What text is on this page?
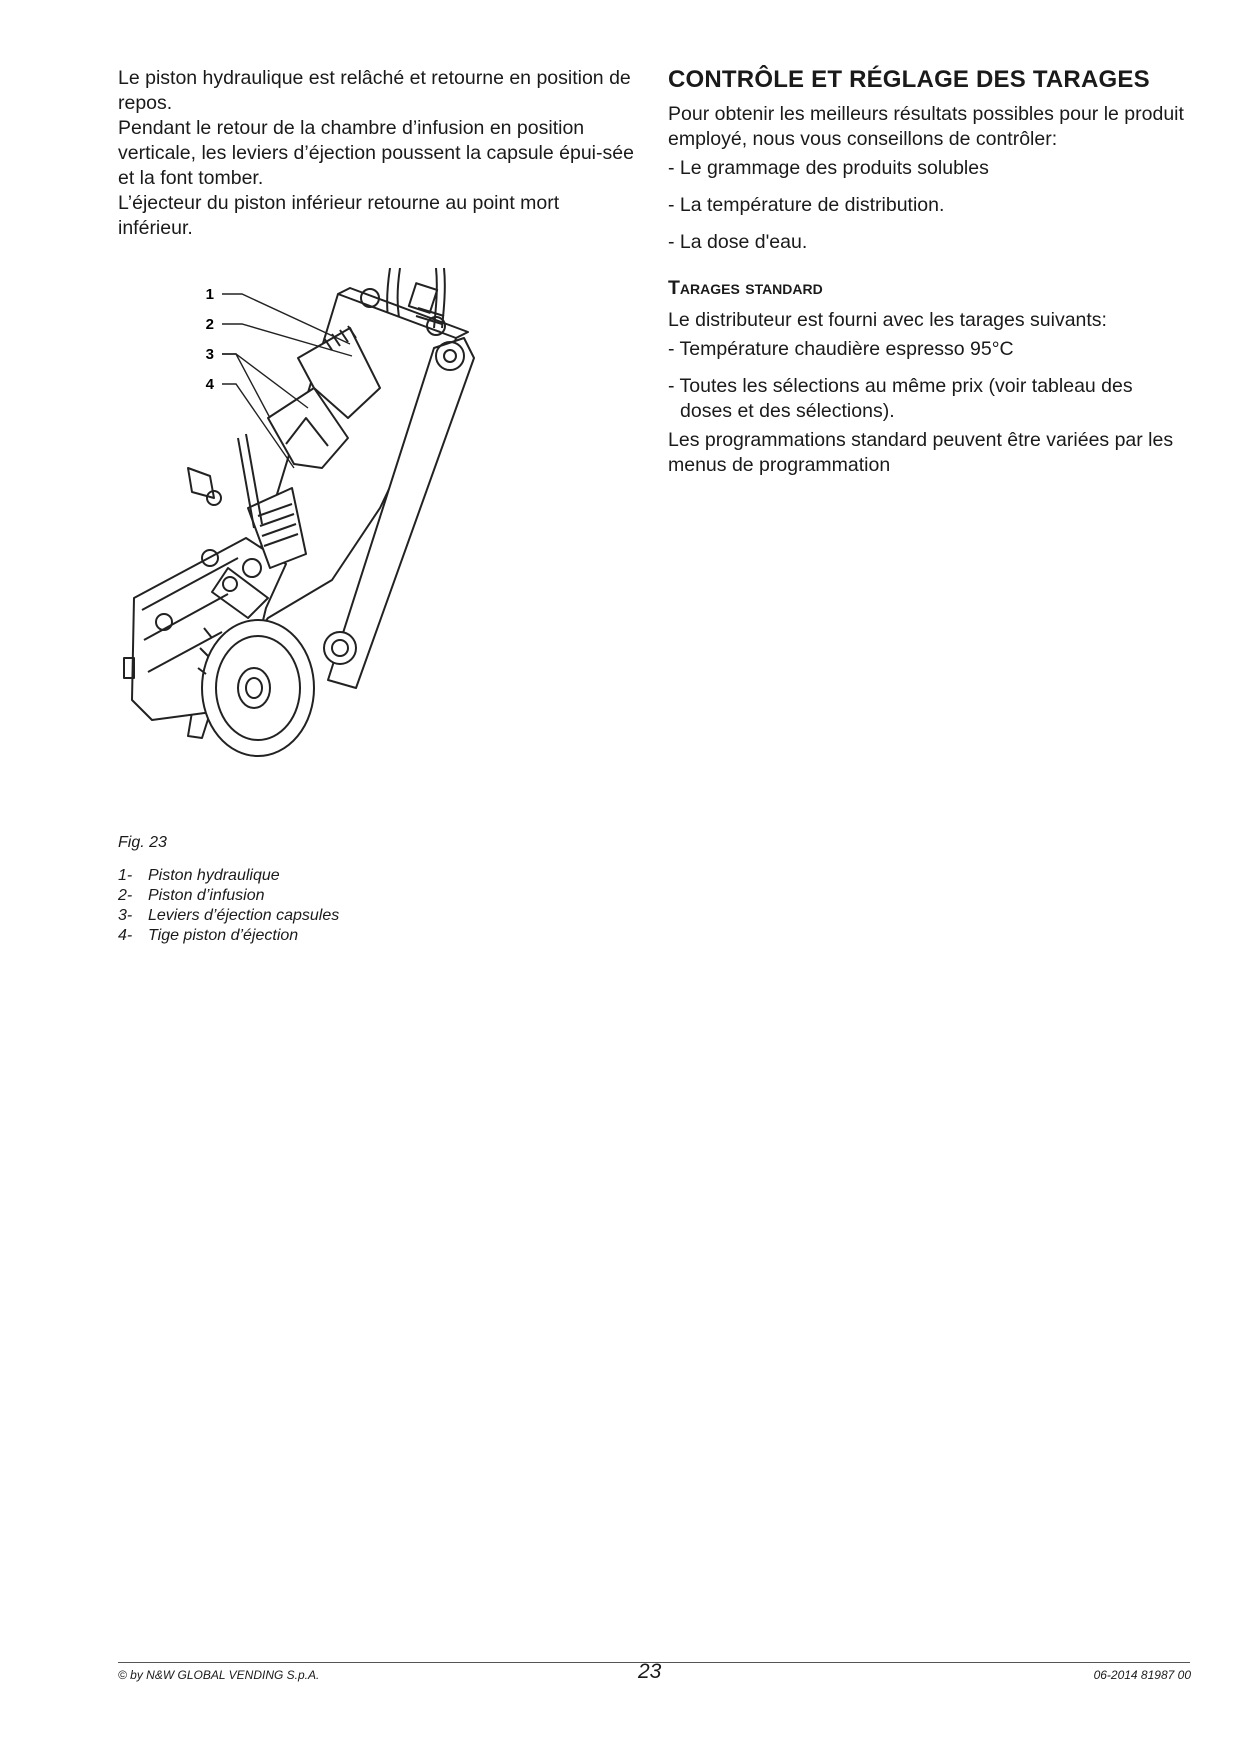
Le piston hydraulique est relâché et retourne en position de repos.

Pendant le retour de la chambre d’infusion en position verticale, les leviers d’éjection poussent la capsule épui-sée et la font tomber.

L’éjecteur du piston inférieur retourne au point mort inférieur.

1
2
3
4
Fig. 23
1- Piston hydraulique
2- Piston d’infusion
3- Leviers d’éjection capsules
4- Tige piston d’éjection
CONTRÔLE ET RÉGLAGE DES TARAGES

Pour obtenir les meilleurs résultats possibles pour le produit employé, nous vous conseillons de contrôler:

- Le grammage des produits solubles
- La température de distribution.
- La dose d'eau.
Tarages standard

Le distributeur est fourni avec les tarages suivants:

- Température chaudière espresso 95°C
- Toutes les sélections au même prix (voir tableau des doses et des sélections).

Les programmations standard peuvent être variées par les menus de programmation

© by N&W GLOBAL VENDING S.p.A.	23	06-2014 81987 00
